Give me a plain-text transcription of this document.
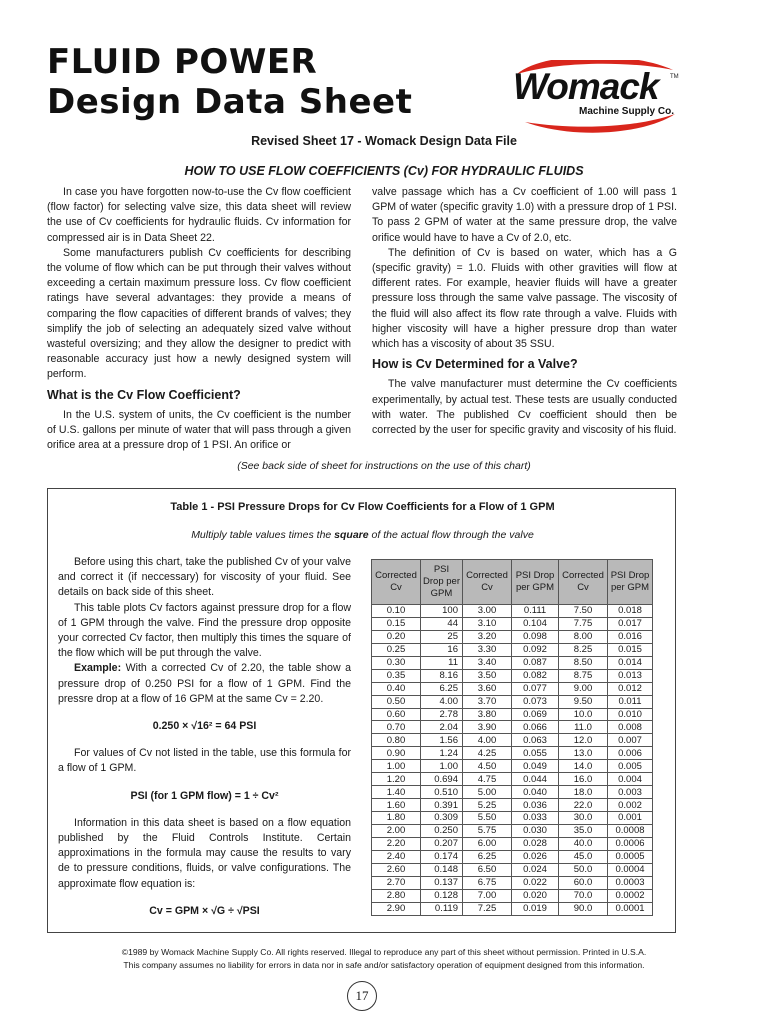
FLUID POWER
Design Data Sheet	Womack TM
Machine Supply Co.
Revised Sheet 17 - Womack Design Data File
HOW TO USE FLOW COEFFICIENTS (Cv) FOR HYDRAULIC FLUIDS

In case you have forgotten now-to-use the Cv flow coefficient (flow factor) for selecting valve size, this data sheet will review the use of Cv coefficients for hydraulic fluids. Cv information for compressed air is in Data Sheet 22.

Some manufacturers publish Cv coefficients for describing the volume of flow which can be put through their valves without exceeding a certain maximum pressure loss. Cv flow coefficient ratings have several advantages: they provide a means of comparing the flow capacities of different brands of valves; they simplify the job of selecting an adequately sized valve without wasteful oversizing; and they allow the designer to predict with reasonable accuracy just how a newly designed system will perform.

What is the Cv Flow Coefficient?

In the U.S. system of units, the Cv coefficient is the number of U.S. gallons per minute of water that will pass through a given orifice area at a pressure drop of 1 PSI. An orifice or

valve passage which has a Cv coefficient of 1.00 will pass 1 GPM of water (specific gravity 1.0) with a pressure drop of 1 PSI. To pass 2 GPM of water at the same pressure drop, the valve orifice would have to have a Cv of 2.0, etc.

The definition of Cv is based on water, which has a G (specific gravity) = 1.0. Fluids with other gravities will flow at different rates. For example, heavier fluids will have a greater pressure loss through the same valve passage. The viscosity of the fluid will also affect its flow rate through a valve. Fluids with higher viscosity will have a higher pressure drop than water which has a viscosity of about 35 SSU.

How is Cv Determined for a Valve?

The valve manufacturer must determine the Cv coefficients experimentally, by actual test. These tests are usually conducted with water. The published Cv coefficient should then be corrected by the user for specific gravity and viscosity of his fluid.

(See back side of sheet for instructions on the use of this chart)
Table 1 - PSI Pressure Drops for Cv Flow Coefficients for a Flow of 1 GPM
Multiply table values times the square of the actual flow through the valve

Before using this chart, take the published Cv of your valve and correct it (if neccessary) for viscosity of your fluid. See details on back side of this sheet.

This table plots Cv factors against pressure drop for a flow of 1 GPM through the valve. Find the pressure drop opposite your corrected Cv factor, then multiply this times the square of the flow which will be put through the valve.

Example: With a corrected Cv of 2.20, the table show a pressure drop of 0.250 PSI for a flow of 1 GPM. Find the pressre drop at a flow of 16 GPM at the same Cv = 2.20.

0.250 × √16² = 64 PSI

For values of Cv not listed in the table, use this formula for a flow of 1 GPM.

PSI (for 1 GPM flow) = 1 ÷ Cv²

Information in this data sheet is based on a flow equation published by the Fluid Controls Institute. Certain approximations in the formula may cause the results to vary de to pressure conditions, fluids, or valve configurations. The approximate flow equation is:

Cv = GPM × √G ÷ √PSI

Corrected Cv	PSI Drop per GPM	Corrected Cv	PSI Drop per GPM	Corrected Cv	PSI Drop per GPM
0.10	100	3.00	0.111	7.50	0.018
0.15	44	3.10	0.104	7.75	0.017
0.20	25	3.20	0.098	8.00	0.016
0.25	16	3.30	0.092	8.25	0.015
0.30	11	3.40	0.087	8.50	0.014
0.35	8.16	3.50	0.082	8.75	0.013
0.40	6.25	3.60	0.077	9.00	0.012
0.50	4.00	3.70	0.073	9.50	0.011
0.60	2.78	3.80	0.069	10.0	0.010
0.70	2.04	3.90	0.066	11.0	0.008
0.80	1.56	4.00	0.063	12.0	0.007
0.90	1.24	4.25	0.055	13.0	0.006
1.00	1.00	4.50	0.049	14.0	0.005
1.20	0.694	4.75	0.044	16.0	0.004
1.40	0.510	5.00	0.040	18.0	0.003
1.60	0.391	5.25	0.036	22.0	0.002
1.80	0.309	5.50	0.033	30.0	0.001
2.00	0.250	5.75	0.030	35.0	0.0008
2.20	0.207	6.00	0.028	40.0	0.0006
2.40	0.174	6.25	0.026	45.0	0.0005
2.60	0.148	6.50	0.024	50.0	0.0004
2.70	0.137	6.75	0.022	60.0	0.0003
2.80	0.128	7.00	0.020	70.0	0.0002
2.90	0.119	7.25	0.019	90.0	0.0001
©1989 by Womack Machine Supply Co. All rights reserved. Illegal to reproduce any part of this sheet without permission. Printed in U.S.A.
This company assumes no liability for errors in data nor in safe and/or satisfactory operation of equipment designed from this information.
17
